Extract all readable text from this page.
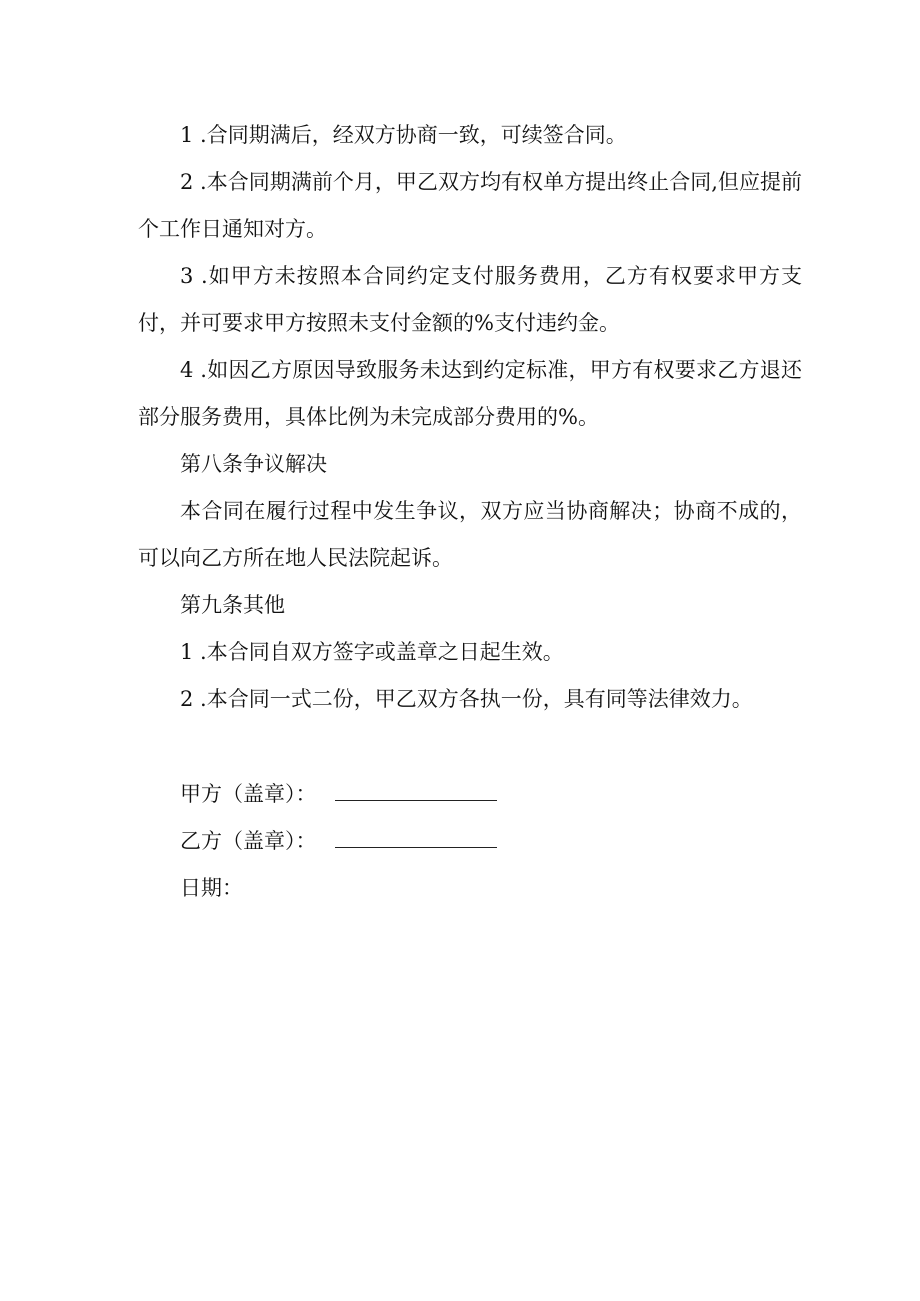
1 .合同期满后，经双方协商一致，可续签合同。

2 .本合同期满前个月，甲乙双方均有权单方提出终止合同,但应提前个工作日通知对方。

3 .如甲方未按照本合同约定支付服务费用，乙方有权要求甲方支付，并可要求甲方按照未支付金额的%支付违约金。

4 .如因乙方原因导致服务未达到约定标准，甲方有权要求乙方退还部分服务费用，具体比例为未完成部分费用的%。

第八条争议解决

本合同在履行过程中发生争议，双方应当协商解决；协商不成的，可以向乙方所在地人民法院起诉。

第九条其他

1 .本合同自双方签字或盖章之日起生效。

2 .本合同一式二份，甲乙双方各执一份，具有同等法律效力。

甲方（盖章）：

乙方（盖章）：

日期：
